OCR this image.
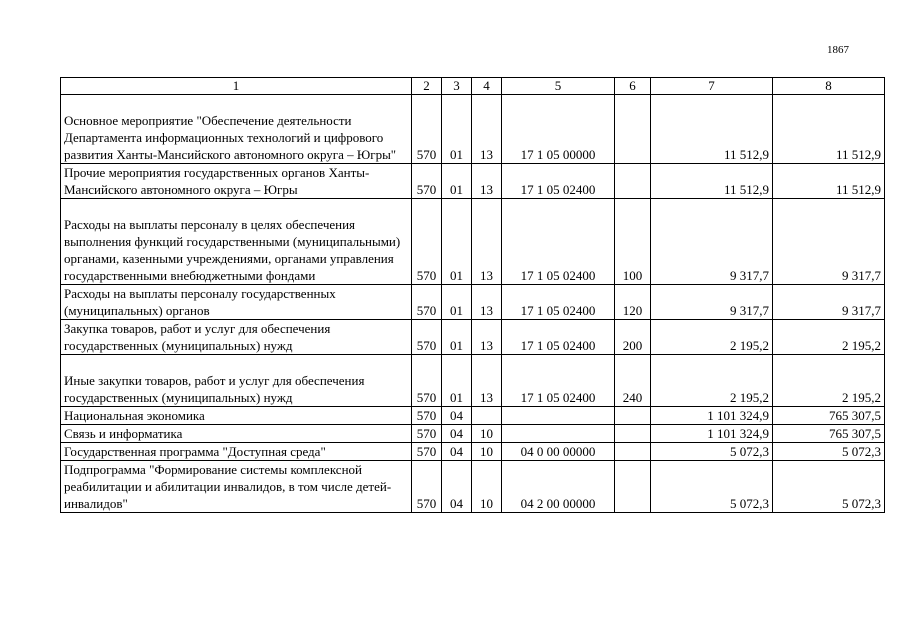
1867
1	2	3	4	5	6	7	8
Основное мероприятие "Обеспечение деятельности Департамента информационных технологий и цифрового развития Ханты-Мансийского автономного округа – Югры"	570	01	13	17 1 05 00000		11 512,9	11 512,9
Прочие мероприятия государственных органов Ханты-Мансийского автономного округа – Югры	570	01	13	17 1 05 02400		11 512,9	11 512,9
Расходы на выплаты персоналу в целях обеспечения выполнения функций государственными (муниципальными) органами, казенными учреждениями, органами управления государственными внебюджетными фондами	570	01	13	17 1 05 02400	100	9 317,7	9 317,7
Расходы на выплаты персоналу государственных (муниципальных) органов	570	01	13	17 1 05 02400	120	9 317,7	9 317,7
Закупка товаров, работ и услуг для обеспечения государственных (муниципальных) нужд	570	01	13	17 1 05 02400	200	2 195,2	2 195,2
Иные закупки товаров, работ и услуг для обеспечения государственных (муниципальных) нужд	570	01	13	17 1 05 02400	240	2 195,2	2 195,2
Национальная экономика	570	04				1 101 324,9	765 307,5
Связь и информатика	570	04	10			1 101 324,9	765 307,5
Государственная программа "Доступная среда"	570	04	10	04 0 00 00000		5 072,3	5 072,3
Подпрограмма "Формирование системы комплексной реабилитации и абилитации инвалидов, в том числе детей-инвалидов"	570	04	10	04 2 00 00000		5 072,3	5 072,3
